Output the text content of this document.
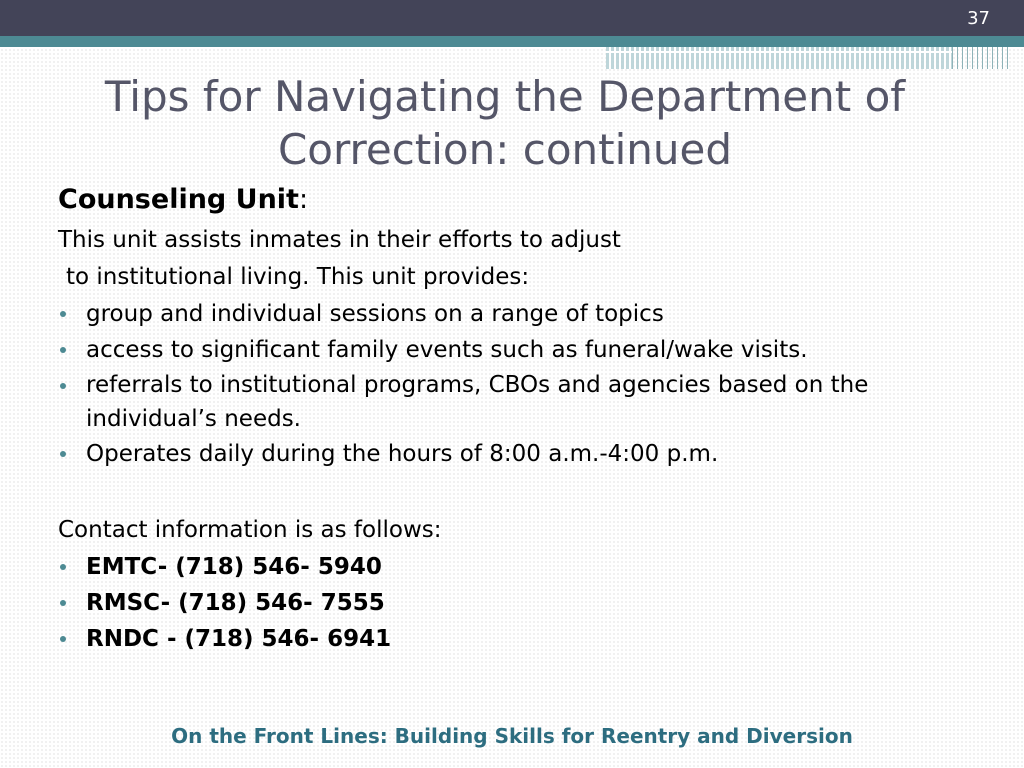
37
Tips for Navigating the Department of
Correction: continued
Counseling Unit:
This unit assists inmates in their efforts to adjust
to institutional living. This unit provides:
group and individual sessions on a range of topics
access to significant family events such as funeral/wake visits.
referrals to institutional programs, CBOs and agencies based on the individual’s needs.
Operates daily during the hours of 8:00 a.m.-4:00 p.m.
Contact information is as follows:
EMTC- (718) 546- 5940
RMSC- (718) 546- 7555
RNDC - (718) 546- 6941
On the Front Lines: Building Skills for Reentry and Diversion
